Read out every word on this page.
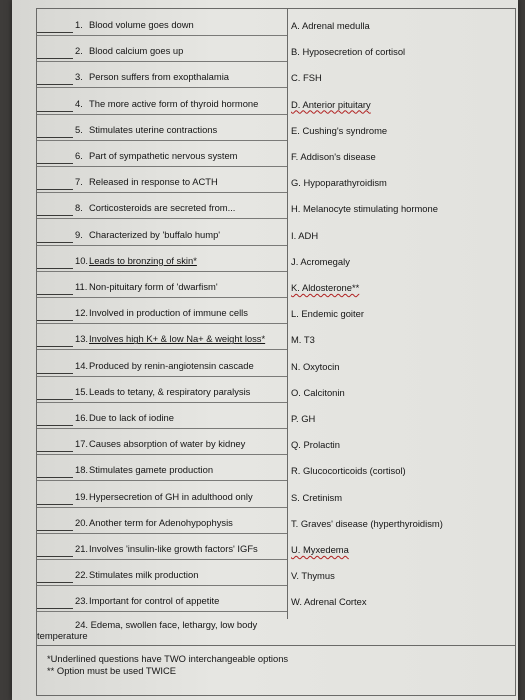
1. Blood volume goes down	A. Adrenal medulla
2. Blood calcium goes up	B. Hyposecretion of cortisol
3. Person suffers from exopthalamia	C. FSH
4. The more active form of thyroid hormone	D. Anterior pituitary
5. Stimulates uterine contractions	E. Cushing's syndrome
6. Part of sympathetic nervous system	F. Addison's disease
7. Released in response to ACTH	G. Hypoparathyroidism
8. Corticosteroids are secreted from...	H. Melanocyte stimulating hormone
9. Characterized by 'buffalo hump'	I. ADH
10. Leads to bronzing of skin*	J. Acromegaly
11. Non-pituitary form of 'dwarfism'	K. Aldosterone**
12. Involved in production of immune cells	L. Endemic goiter
13. Involves high K+ & low Na+ & weight loss*	M. T3
14. Produced by renin-angiotensin cascade	N. Oxytocin
15. Leads to tetany, & respiratory paralysis	O. Calcitonin
16. Due to lack of iodine	P. GH
17. Causes absorption of water by kidney	Q. Prolactin
18. Stimulates gamete production	R. Glucocorticoids (cortisol)
19. Hypersecretion of GH in adulthood only	S. Cretinism
20. Another term for Adenohypophysis	T. Graves' disease (hyperthyroidism)
21. Involves 'insulin-like growth factors' IGFs	U. Myxedema
22. Stimulates milk production	V. Thymus
23. Important for control of appetite	W. Adrenal Cortex
24. Edema, swollen face, lethargy, low body
temperature
*Underlined questions have TWO interchangeable options
** Option must be used TWICE
